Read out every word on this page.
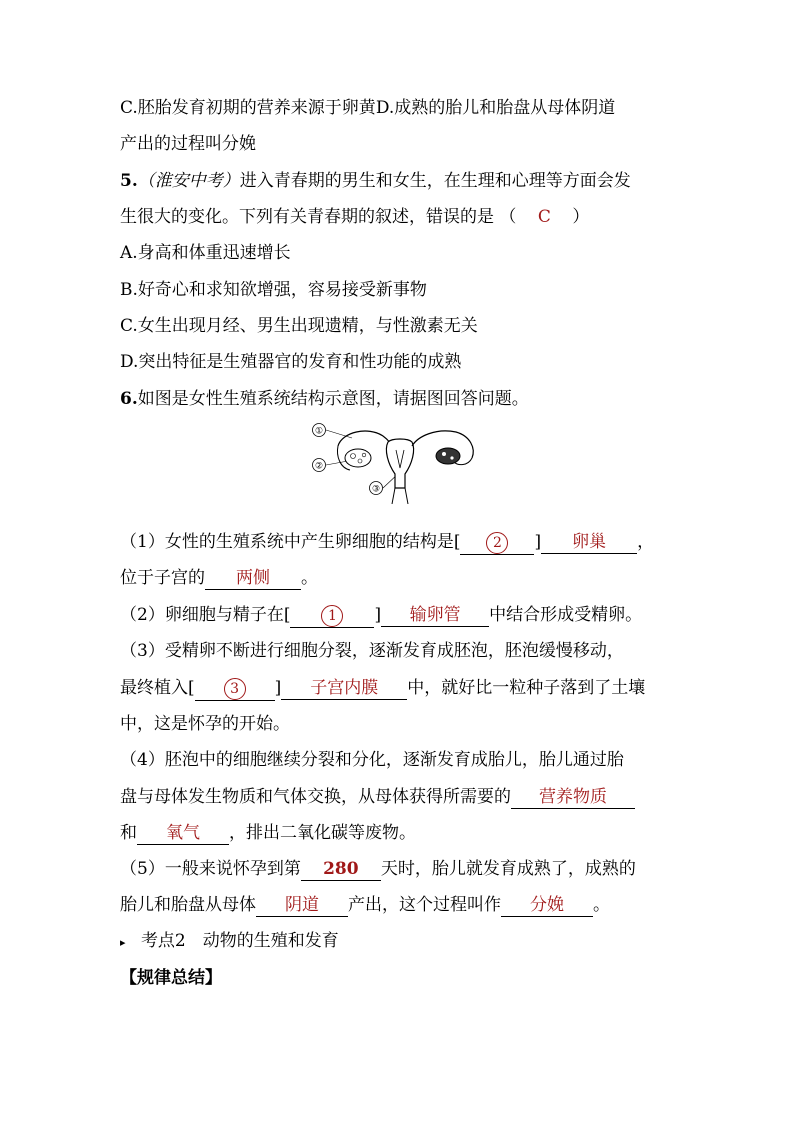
C.胚胎发育初期的营养来源于卵黄D.成熟的胎儿和胎盘从母体阴道
产出的过程叫分娩
5.（淮安中考）进入青春期的男生和女生，在生理和心理等方面会发
生很大的变化。下列有关青春期的叙述，错误的是 （ C ）
A.身高和体重迅速增长
B.好奇心和求知欲增强，容易接受新事物
C.女生出现月经、男生出现遗精，与性激素无关
D.突出特征是生殖器官的发育和性功能的成熟
6.如图是女性生殖系统结构示意图，请据图回答问题。
①
②
③
（1）女性的生殖系统中产生卵细胞的结构是[ 2 ] 卵巢 ，
位于子宫的 两侧 。
（2）卵细胞与精子在[	1 ] 输卵管 中结合形成受精卵。
（3）受精卵不断进行细胞分裂，逐渐发育成胚泡，胚泡缓慢移动，
最终植入[	3 ] 子宫内膜 中，就好比一粒种子落到了土壤
中，这是怀孕的开始。
（4）胚泡中的细胞继续分裂和分化，逐渐发育成胎儿，胎儿通过胎
盘与母体发生物质和气体交换，从母体获得所需要的 营养物质
和 氧气 ，排出二氧化碳等废物。
（5）一般来说怀孕到第 280 天时，胎儿就发育成熟了，成熟的
胎儿和胎盘从母体 阴道 产出，这个过程叫作 分娩 。
▸ 考点2　动物的生殖和发育
【规律总结】
